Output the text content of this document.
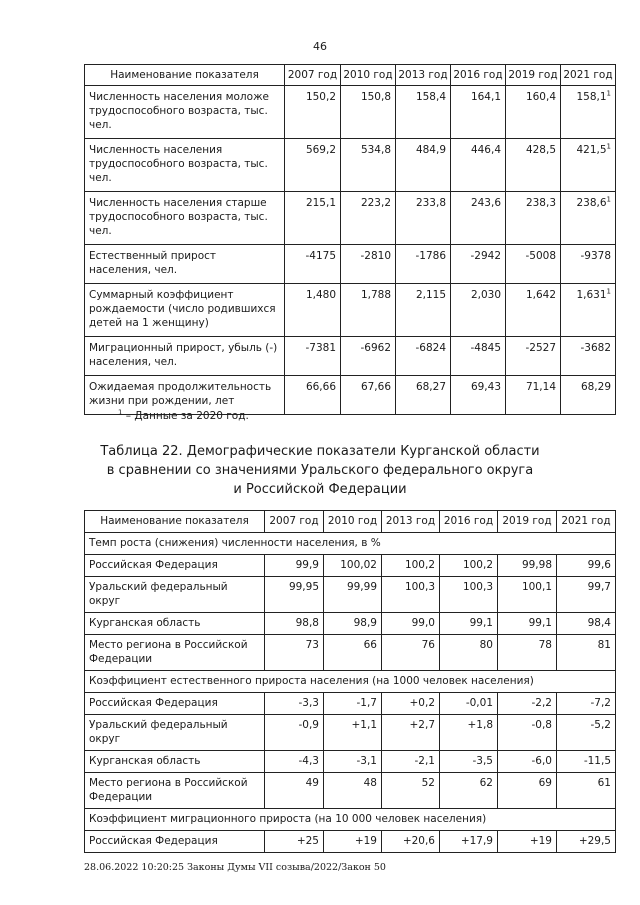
46
Наименование показателя	2007 год	2010 год	2013 год	2016 год	2019 год	2021 год
Численность населения моложе трудоспособного возраста, тыс. чел.	150,2	150,8	158,4	164,1	160,4	158,1$^1$
Численность населения трудоспособного возраста, тыс. чел.	569,2	534,8	484,9	446,4	428,5	421,5$^1$
Численность населения старше трудоспособного возраста, тыс. чел.	215,1	223,2	233,8	243,6	238,3	238,6$^1$
Естественный прирост населения, чел.	-4175	-2810	-1786	-2942	-5008	-9378
Суммарный коэффициент рождаемости (число родившихся детей на 1 женщину)	1,480	1,788	2,115	2,030	1,642	1,631$^1$
Миграционный прирост, убыль (-) населения, чел.	-7381	-6962	-6824	-4845	-2527	-3682
Ожидаемая продолжительность жизни при рождении, лет	66,66	67,66	68,27	69,43	71,14	68,29
$^1$ – Данные за 2020 год.
Таблица 22. Демографические показатели Курганской области
в сравнении со значениями Уральского федерального округа
и Российской Федерации
Наименование показателя	2007 год	2010 год	2013 год	2016 год	2019 год	2021 год
Темп роста (снижения) численности населения, в %						
Российская Федерация	99,9	100,02	100,2	100,2	99,98	99,6
Уральский федеральный округ	99,95	99,99	100,3	100,3	100,1	99,7
Курганская область	98,8	98,9	99,0	99,1	99,1	98,4
Место региона в Российской Федерации	73	66	76	80	78	81
Коэффициент естественного прироста населения (на 1000 человек населения)						
Российская Федерация	-3,3	-1,7	+0,2	-0,01	-2,2	-7,2
Уральский федеральный округ	-0,9	+1,1	+2,7	+1,8	-0,8	-5,2
Курганская область	-4,3	-3,1	-2,1	-3,5	-6,0	-11,5
Место региона в Российской Федерации	49	48	52	62	69	61
Коэффициент миграционного прироста (на 10 000 человек населения)						
Российская Федерация	+25	+19	+20,6	+17,9	+19	+29,5
28.06.2022 10:20:25 Законы Думы VII созыва/2022/Закон 50
